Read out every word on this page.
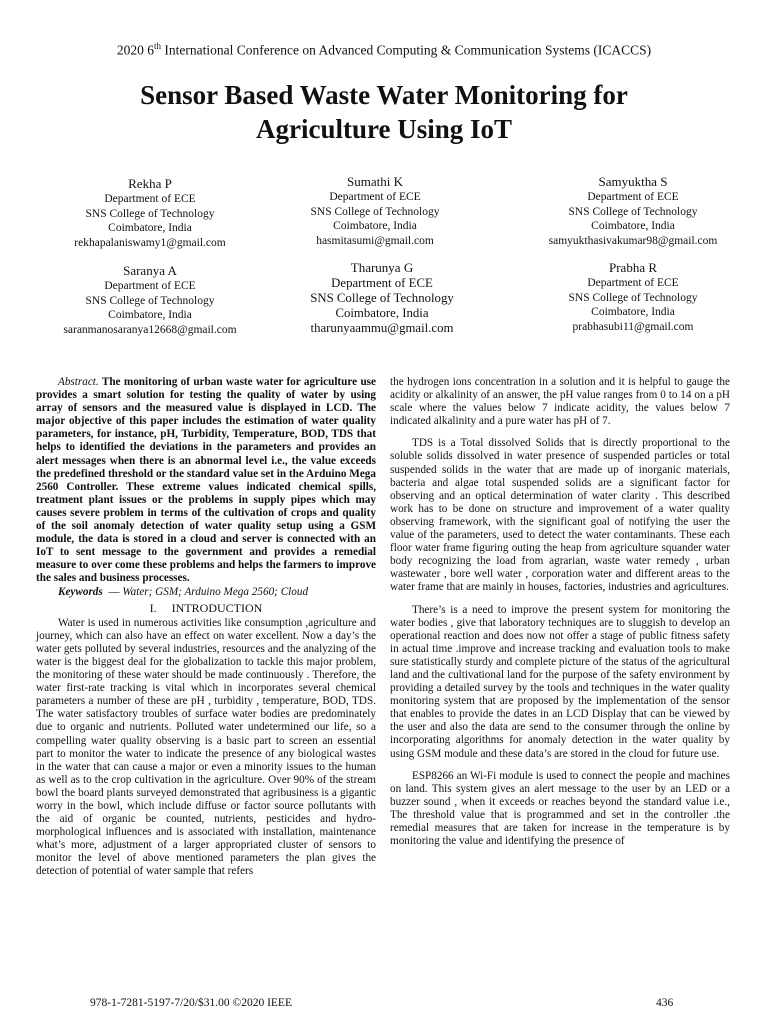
2020 6th International Conference on Advanced Computing & Communication Systems (ICACCS)
Sensor Based Waste Water Monitoring for
Agriculture Using IoT
Rekha P
Department of ECE
SNS College of Technology
Coimbatore, India
rekhapalaniswamy1@gmail.com
Sumathi K
Department of ECE
SNS College of Technology
Coimbatore, India
hasmitasumi@gmail.com
Samyuktha S
Department of ECE
SNS College of Technology
Coimbatore, India
samyukthasivakumar98@gmail.com
Saranya A
Department of ECE
SNS College of Technology
Coimbatore, India
saranmanosaranya12668@gmail.com
Tharunya G
Department of ECE
SNS College of Technology
Coimbatore, India
tharunyaammu@gmail.com
Prabha R
Department of ECE
SNS College of Technology
Coimbatore, India
prabhasubi11@gmail.com

Abstract. The monitoring of urban waste water for agriculture use provides a smart solution for testing the quality of water by using array of sensors and the measured value is displayed in LCD. The major objective of this paper includes the estimation of water quality parameters, for instance, pH, Turbidity, Temperature, BOD, TDS that helps to identified the deviations in the parameters and provides an alert messages when there is an abnormal level i.e., the value exceeds the predefined threshold or the standard value set in the Arduino Mega 2560 Controller. These extreme values indicated chemical spills, treatment plant issues or the problems in supply pipes which may causes severe problem in terms of the cultivation of crops and quality of the soil anomaly detection of water quality setup using a GSM module, the data is stored in a cloud and server is connected with an IoT to sent message to the government and provides a remedial measure to over come these problems and helps the farmers to improve the sales and business processes.

Keywords  — Water; GSM; Arduino Mega 2560; Cloud

I. INTRODUCTION

Water is used in numerous activities like consumption ,agriculture and journey, which can also have an effect on water excellent. Now a day’s the water gets polluted by several industries, resources and the analyzing of the water is the biggest deal for the globalization to tackle this major problem, the monitoring of these water should be made continuously . Therefore, the water first-rate tracking is vital which in incorporates several chemical parameters a number of these are pH , turbidity , temperature, BOD, TDS. The water satisfactory troubles of surface water bodies are predominately due to organic and nutrients. Polluted water undetermined our life, so a compelling water quality observing is a basic part to screen an essential part to monitor the water to indicate the presence of any biological wastes in the water that can cause a major or even a minority issues to the human as well as to the crop cultivation in the agriculture. Over 90% of the stream bowl the board plants surveyed demonstrated that agribusiness is a gigantic worry in the bowl, which include diffuse or factor source pollutants with the aid of organic be counted, nutrients, pesticides and hydro-morphological influences and is associated with installation, maintenance what’s more, adjustment of a larger appropriated cluster of sensors to monitor the level of above mentioned parameters the plan gives the detection of potential of water sample that refers

the hydrogen ions concentration in a solution and it is helpful to gauge the acidity or alkalinity of an answer, the pH value ranges from 0 to 14 on a pH scale where the values below 7 indicate acidity, the values below 7 indicated alkalinity and a pure water has pH of 7.

TDS is a Total dissolved Solids that is directly proportional to the soluble solids dissolved in water presence of suspended particles or total suspended solids in the water that are made up of inorganic materials, bacteria and algae total suspended solids are a significant factor for observing and an optical determination of water clarity . This described work has to be done on structure and improvement of a water quality observing framework, with the significant goal of notifying the user the value of the parameters, used to detect the water contaminants. These each floor water frame figuring outing the heap from agriculture squander water body recognizing the load from agrarian, waste water remedy , urban wastewater , bore well water , corporation water and different areas to the water frame that are mainly in houses, factories, industries and agricultures.

There’s is a need to improve the present system for monitoring the water bodies , give that laboratory techniques are to sluggish to develop an operational reaction and does now not offer a stage of public fitness safety in actual time .improve and increase tracking and evaluation tools to make sure statistically sturdy and complete picture of the status of the agricultural land and the cultivational land for the purpose of the safety environment by providing a detailed survey by the tools and techniques in the water quality monitoring system that are proposed by the implementation of the sensor that enables to provide the dates in an LCD Display that can be viewed by the user and also the data are send to the consumer through the online by incorporating algorithms for anomaly detection in the water quality by using GSM module and these data’s are stored in the cloud for future use.

ESP8266 an Wi-Fi module is used to connect the people and machines on land. This system gives an alert message to the user by an LED or a buzzer sound , when it exceeds or reaches beyond the standard value i.e., The threshold value that is programmed and set in the controller .the remedial measures that are taken for increase in the temperature is by monitoring the value and identifying the presence of

978-1-7281-5197-7/20/$31.00 ©2020 IEEE	436
